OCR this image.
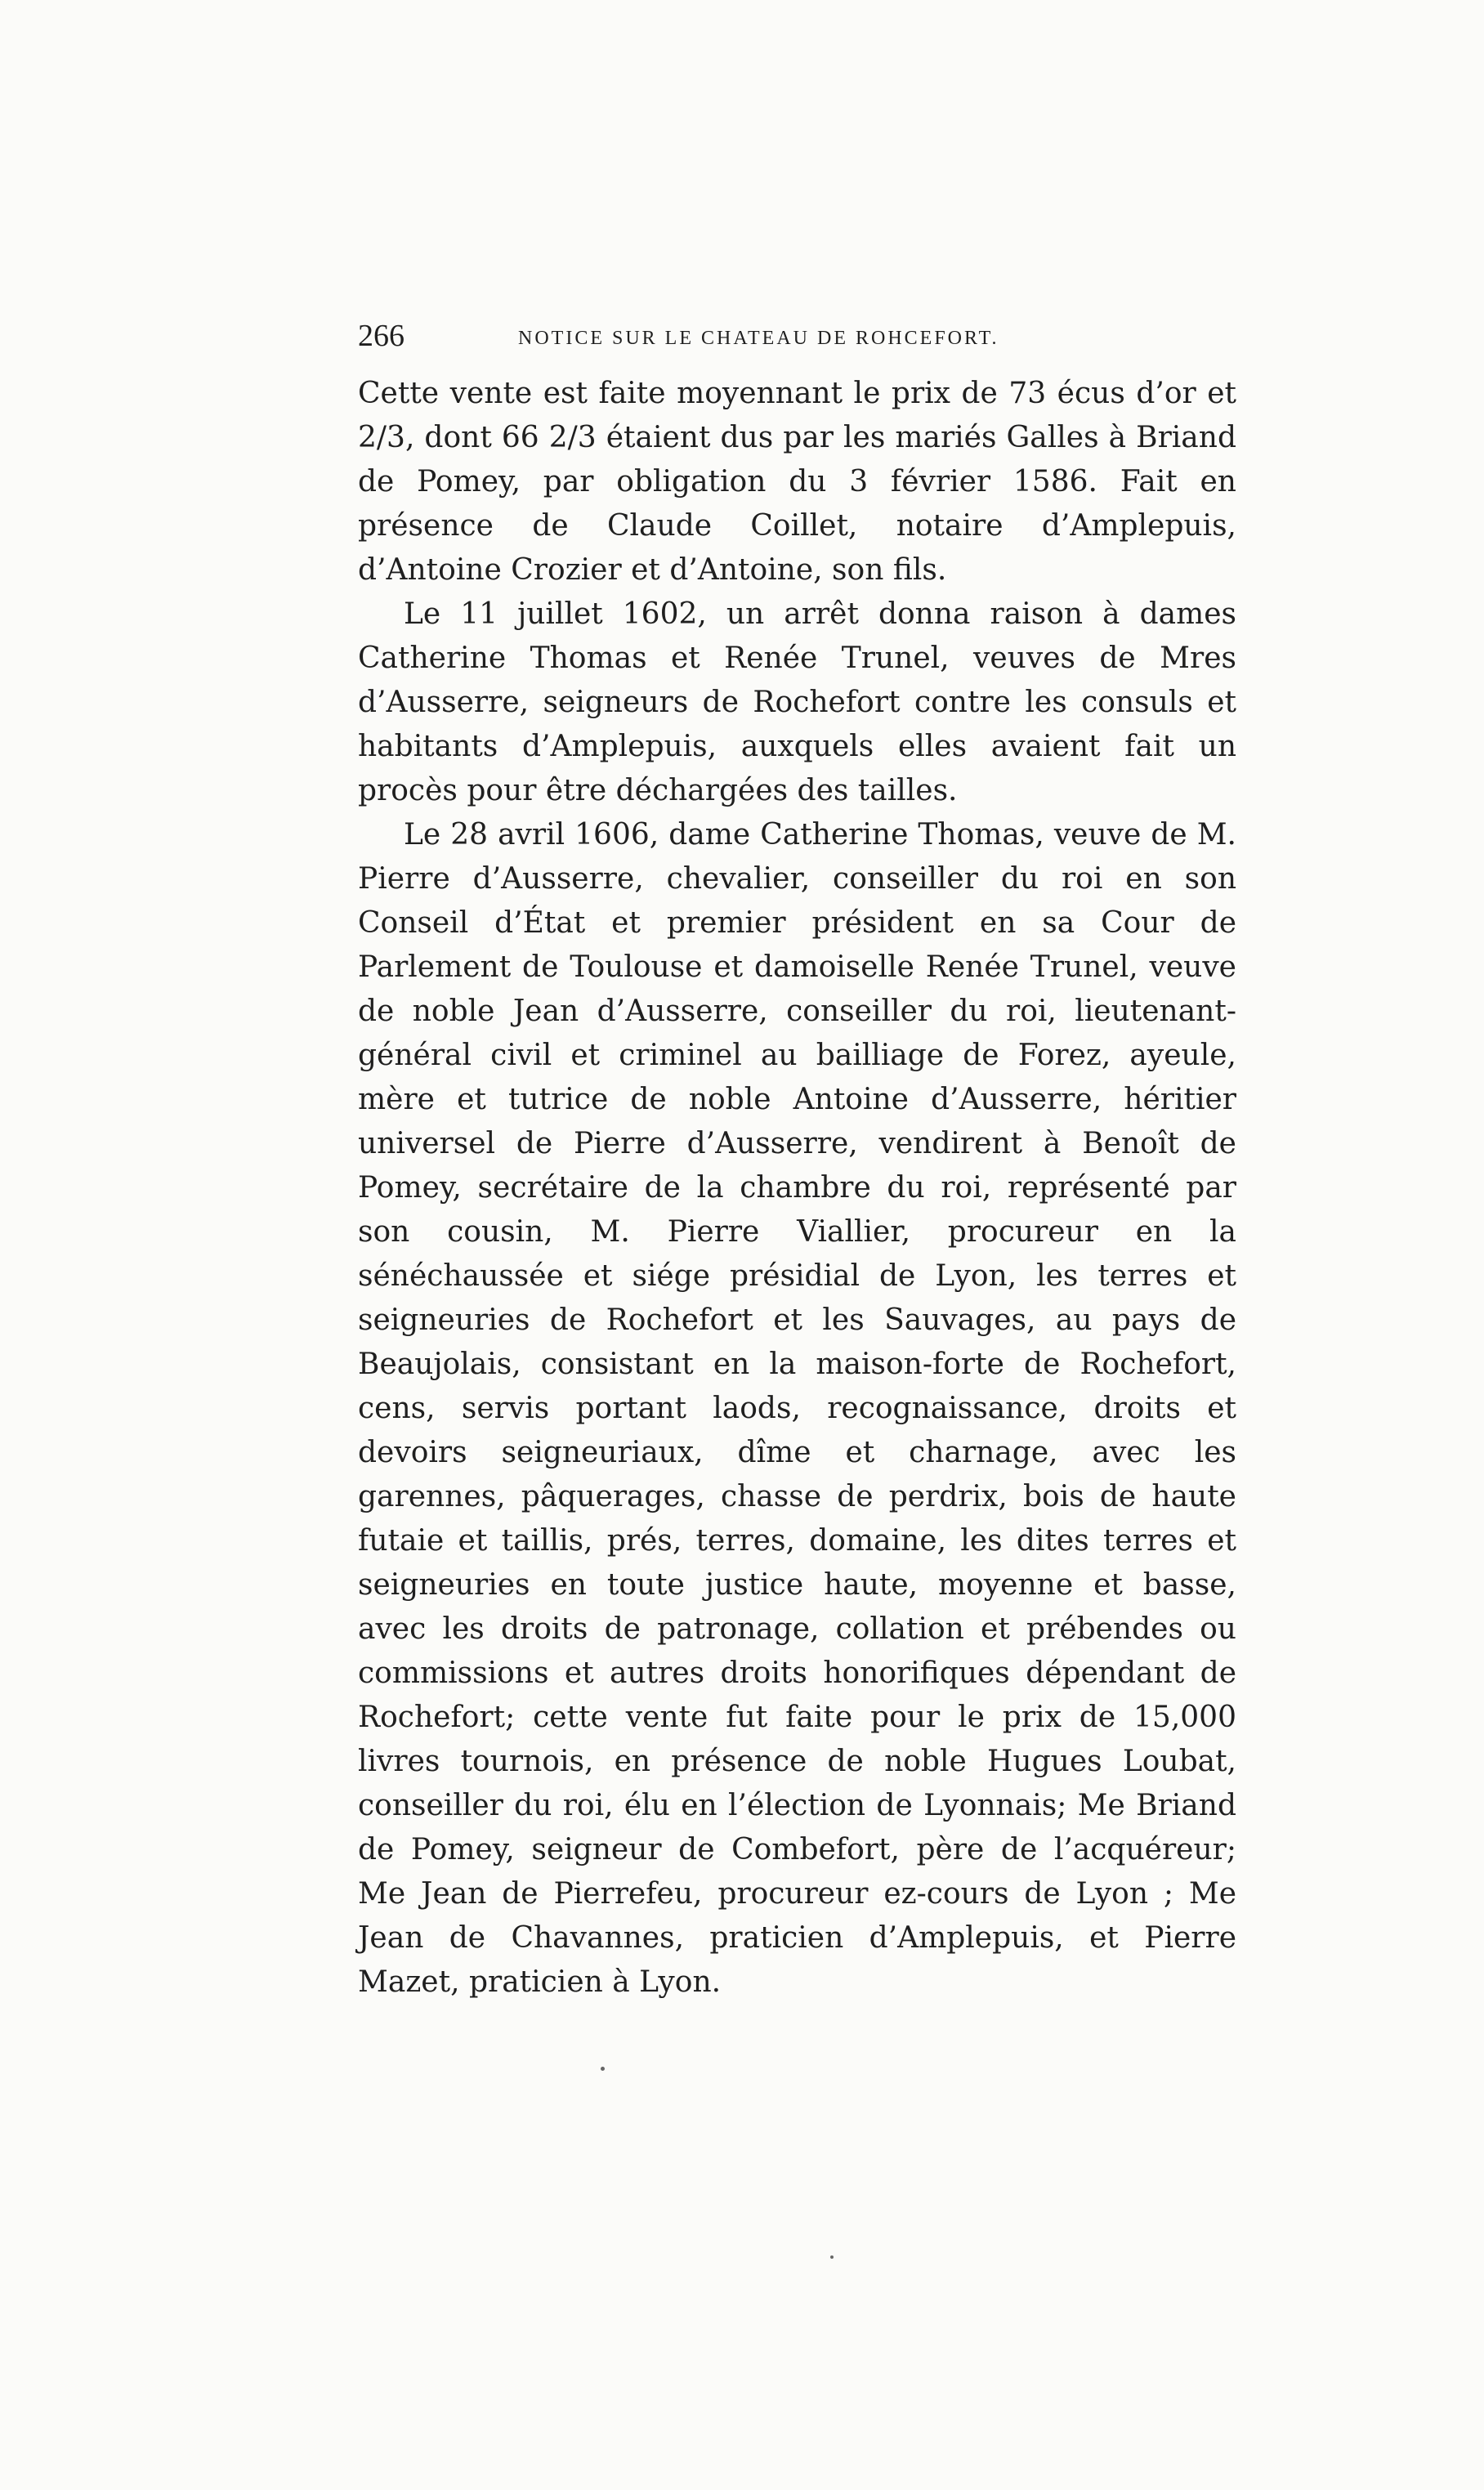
266	NOTICE SUR LE CHATEAU DE ROHCEFORT.

Cette vente est faite moyennant le prix de 73 écus d’or et 2/3, dont 66 2/3 étaient dus par les mariés Galles à Briand de Pomey, par obligation du 3 février 1586. Fait en présence de Claude Coillet, notaire d’Amplepuis, d’Antoine Crozier et d’Antoine, son fils.

Le 11 juillet 1602, un arrêt donna raison à dames Catherine Thomas et Renée Trunel, veuves de Mres d’Ausserre, seigneurs de Rochefort contre les consuls et habitants d’Amplepuis, auxquels elles avaient fait un procès pour être déchargées des tailles.

Le 28 avril 1606, dame Catherine Thomas, veuve de M. Pierre d’Ausserre, chevalier, conseiller du roi en son Conseil d’État et premier président en sa Cour de Parlement de Toulouse et damoiselle Renée Trunel, veuve de noble Jean d’Ausserre, conseiller du roi, lieutenant-général civil et criminel au bailliage de Forez, ayeule, mère et tutrice de noble Antoine d’Ausserre, héritier universel de Pierre d’Ausserre, vendirent à Benoît de Pomey, secrétaire de la chambre du roi, représenté par son cousin, M. Pierre Viallier, procureur en la sénéchaussée et siége présidial de Lyon, les terres et seigneuries de Rochefort et les Sauvages, au pays de Beaujolais, consistant en la maison-forte de Rochefort, cens, servis portant laods, recognaissance, droits et devoirs seigneuriaux, dîme et charnage, avec les garennes, pâquerages, chasse de perdrix, bois de haute futaie et taillis, prés, terres, domaine, les dites terres et seigneuries en toute justice haute, moyenne et basse, avec les droits de patronage, collation et prébendes ou commissions et autres droits honorifiques dépendant de Rochefort; cette vente fut faite pour le prix de 15,000 livres tournois, en présence de noble Hugues Loubat, conseiller du roi, élu en l’élection de Lyonnais; Me Briand de Pomey, seigneur de Combefort, père de l’acquéreur; Me Jean de Pierrefeu, procureur ez-cours de Lyon ; Me Jean de Chavannes, praticien d’Amplepuis, et Pierre Mazet, praticien à Lyon.
